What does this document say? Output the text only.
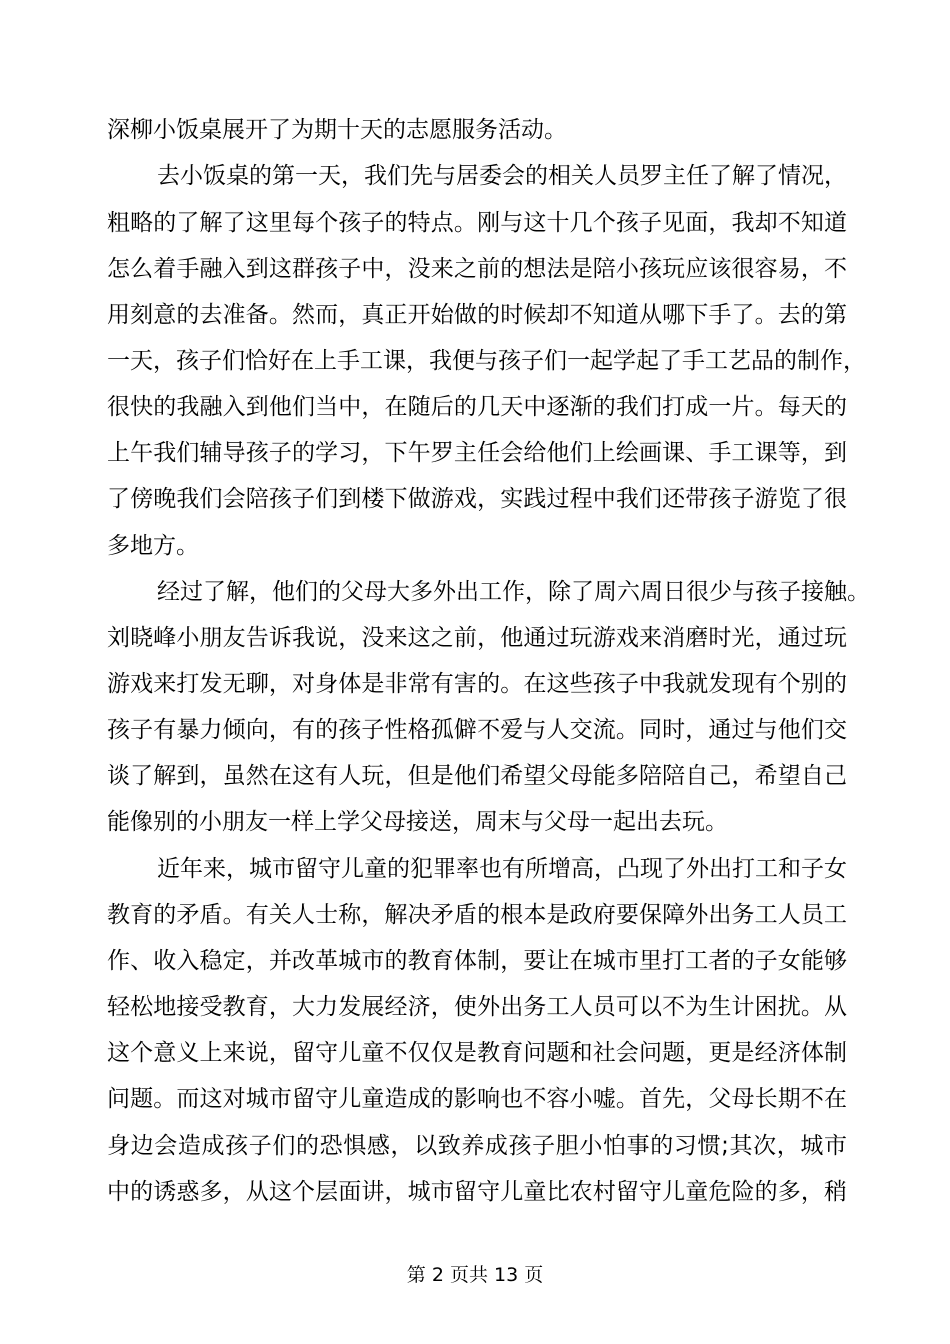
深柳小饭桌展开了为期十天的志愿服务活动。
去小饭桌的第一天，我们先与居委会的相关人员罗主任了解了情况，
粗略的了解了这里每个孩子的特点。刚与这十几个孩子见面，我却不知道
怎么着手融入到这群孩子中，没来之前的想法是陪小孩玩应该很容易，不
用刻意的去准备。然而，真正开始做的时候却不知道从哪下手了。去的第
一天，孩子们恰好在上手工课，我便与孩子们一起学起了手工艺品的制作，
很快的我融入到他们当中，在随后的几天中逐渐的我们打成一片。每天的
上午我们辅导孩子的学习，下午罗主任会给他们上绘画课、手工课等，到
了傍晚我们会陪孩子们到楼下做游戏，实践过程中我们还带孩子游览了很
多地方。
经过了解，他们的父母大多外出工作，除了周六周日很少与孩子接触。
刘晓峰小朋友告诉我说，没来这之前，他通过玩游戏来消磨时光，通过玩
游戏来打发无聊，对身体是非常有害的。在这些孩子中我就发现有个别的
孩子有暴力倾向，有的孩子性格孤僻不爱与人交流。同时，通过与他们交
谈了解到，虽然在这有人玩，但是他们希望父母能多陪陪自己，希望自己
能像别的小朋友一样上学父母接送，周末与父母一起出去玩。
近年来，城市留守儿童的犯罪率也有所增高，凸现了外出打工和子女
教育的矛盾。有关人士称，解决矛盾的根本是政府要保障外出务工人员工
作、收入稳定，并改革城市的教育体制，要让在城市里打工者的子女能够
轻松地接受教育，大力发展经济，使外出务工人员可以不为生计困扰。从
这个意义上来说，留守儿童不仅仅是教育问题和社会问题，更是经济体制
问题。而这对城市留守儿童造成的影响也不容小嘘。首先，父母长期不在
身边会造成孩子们的恐惧感，以致养成孩子胆小怕事的习惯;其次，城市
中的诱惑多，从这个层面讲，城市留守儿童比农村留守儿童危险的多，稍
第 2 页共 13 页
